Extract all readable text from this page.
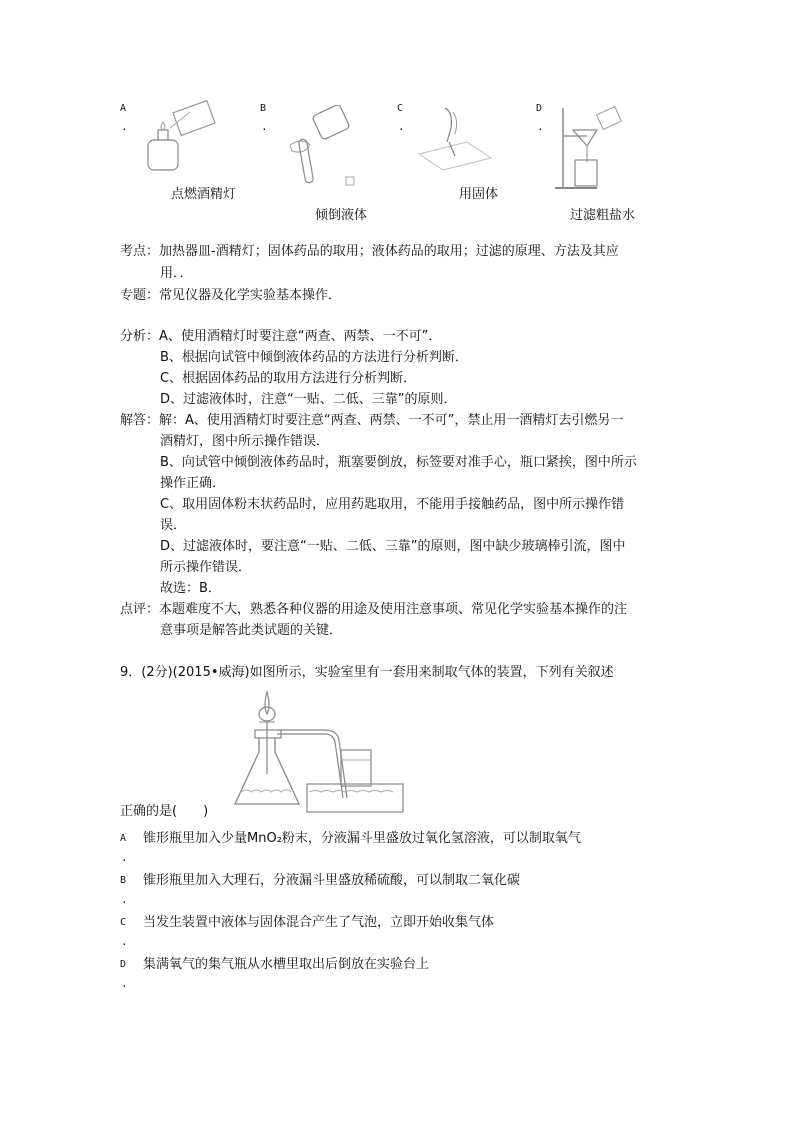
A
.
点燃酒精灯
B
.
倾倒液体
C
.
用固体
D
.
过滤粗盐水
考点：加热器皿-酒精灯；固体药品的取用；液体药品的取用；过滤的原理、方法及其应
用．．
专题：常见仪器及化学实验基本操作．
分析：A、使用酒精灯时要注意“两查、两禁、一不可”．
B、根据向试管中倾倒液体药品的方法进行分析判断．
C、根据固体药品的取用方法进行分析判断．
D、过滤液体时，注意“一贴、二低、三靠”的原则．
解答：解：A、使用酒精灯时要注意“两查、两禁、一不可”，禁止用一酒精灯去引燃另一
酒精灯，图中所示操作错误．
B、向试管中倾倒液体药品时，瓶塞要倒放，标签要对准手心，瓶口紧挨，图中所示
操作正确．
C、取用固体粉末状药品时，应用药匙取用，不能用手接触药品，图中所示操作错
误．
D、过滤液体时，要注意“一贴、二低、三靠”的原则，图中缺少玻璃棒引流，图中
所示操作错误．
故选：B．
点评：本题难度不大，熟悉各种仪器的用途及使用注意事项、常见化学实验基本操作的注
意事项是解答此类试题的关键．
9．(2分)(2015•威海)如图所示，实验室里有一套用来制取气体的装置，下列有关叙述
正确的是(　　)
A 锥形瓶里加入少量MnO₂粉末，分液漏斗里盛放过氧化氢溶液，可以制取氧气
.
B 锥形瓶里加入大理石，分液漏斗里盛放稀硫酸，可以制取二氧化碳
.
C 当发生装置中液体与固体混合产生了气泡，立即开始收集气体
.
D 集满氧气的集气瓶从水槽里取出后倒放在实验台上
.
